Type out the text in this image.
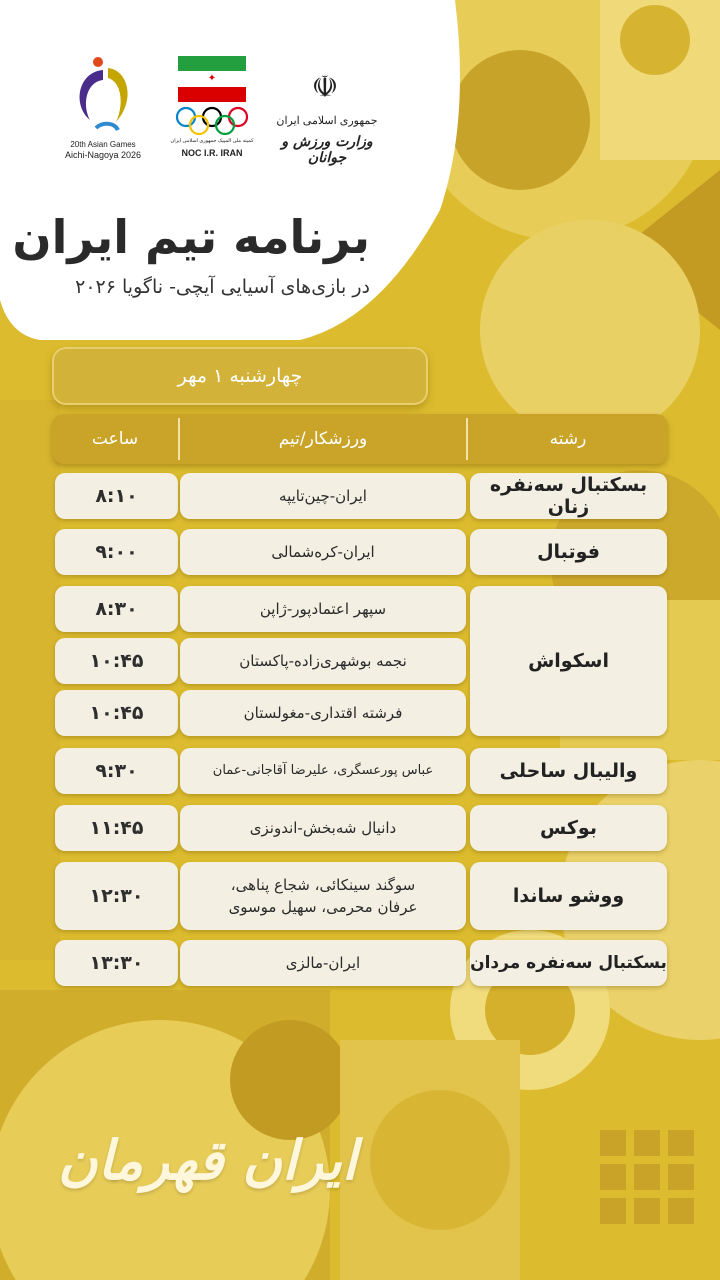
20th Asian Games
Aichi-Nagoya 2026
✦
کمیته ملی المپیک جمهوری اسلامی ایران
NOC I.R. IRAN
☫
جمهوری اسلامی ایران
وزارت ورزش و جوانان
برنامه تیم ایران
در بازی‌های آسیایی آیچی- ناگویا ۲۰۲۶
چهارشنبه ۱ مهر
ساعت	ورزشکار/تیم	رشته
۸:۱۰	ایران-چین‌تایپه	بسکتبال سه‌نفره زنان
۹:۰۰	ایران-کره‌شمالی	فوتبال
۸:۳۰	سپهر اعتمادپور-ژاپن
۱۰:۴۵	نجمه بوشهری‌زاده-پاکستان
۱۰:۴۵	فرشته اقتداری-مغولستان
اسکواش
۹:۳۰	عباس پورعسگری، علیرضا آقاجانی-عمان	والیبال ساحلی
۱۱:۴۵	دانیال شه‌بخش-اندونزی	بوکس
۱۲:۳۰	سوگند سینکائی، شجاع پناهی،
عرفان محرمی، سهیل موسوی	ووشو ساندا
۱۳:۳۰	ایران-مالزی	بسکتبال سه‌نفره مردان
ایران قهرمان
